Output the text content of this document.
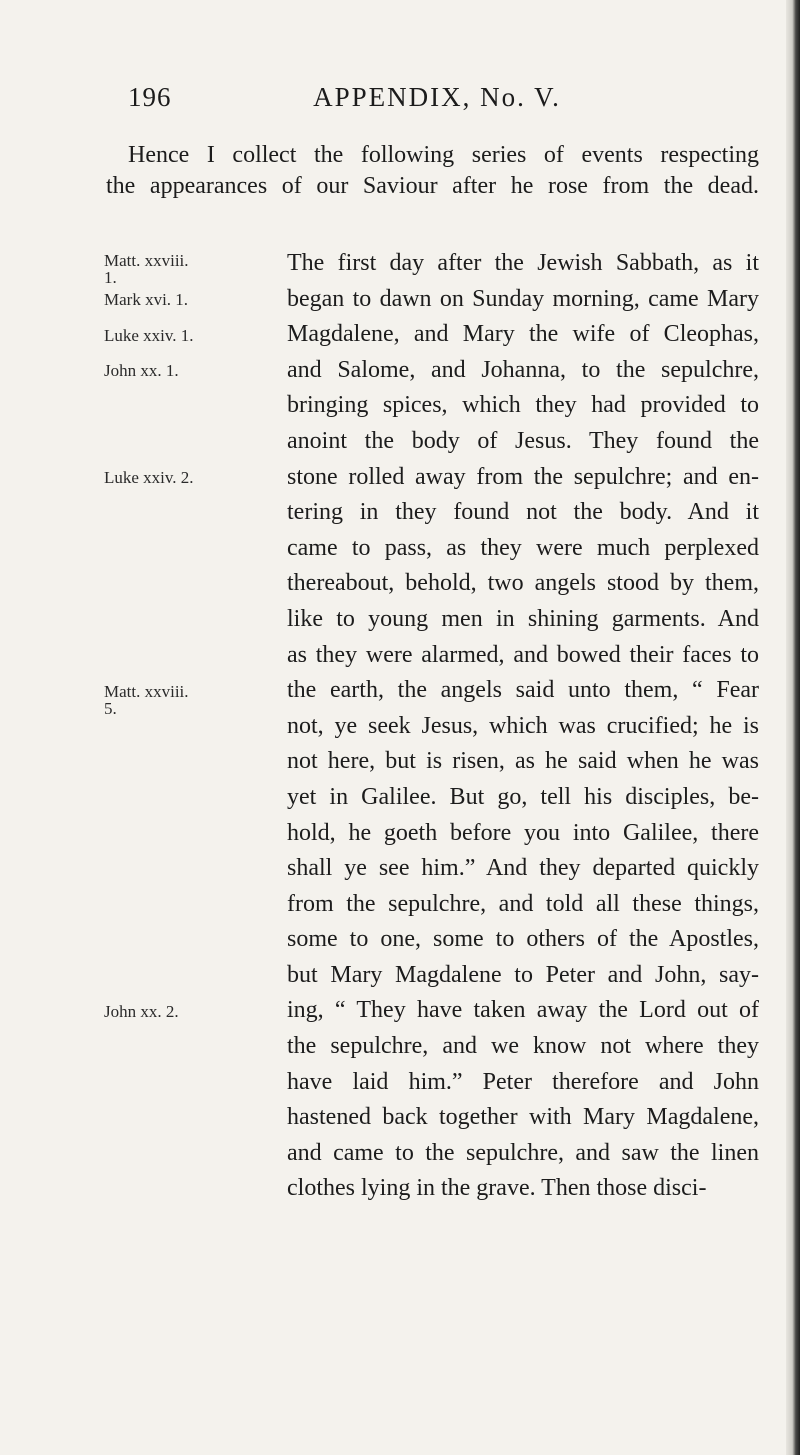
196	APPENDIX, No. V.
Hence I collect the following series of events respecting
the appearances of our Saviour after he rose from the dead.
Matt. xxviii.
1.
Mark xvi. 1.
Luke xxiv. 1.
John xx. 1.
Luke xxiv. 2.
Matt. xxviii.
5.
John xx. 2.
The first day after the Jewish Sabbath, as it
began to dawn on Sunday morning, came Mary
Magdalene, and Mary the wife of Cleophas,
and Salome, and Johanna, to the sepulchre,
bringing spices, which they had provided to
anoint the body of Jesus. They found the
stone rolled away from the sepulchre; and en-
tering in they found not the body. And it
came to pass, as they were much perplexed
thereabout, behold, two angels stood by them,
like to young men in shining garments. And
as they were alarmed, and bowed their faces to
the earth, the angels said unto them, “ Fear
not, ye seek Jesus, which was crucified; he is
not here, but is risen, as he said when he was
yet in Galilee. But go, tell his disciples, be-
hold, he goeth before you into Galilee, there
shall ye see him.” And they departed quickly
from the sepulchre, and told all these things,
some to one, some to others of the Apostles,
but Mary Magdalene to Peter and John, say-
ing, “ They have taken away the Lord out of
the sepulchre, and we know not where they
have laid him.” Peter therefore and John
hastened back together with Mary Magdalene,
and came to the sepulchre, and saw the linen
clothes lying in the grave. Then those disci-
